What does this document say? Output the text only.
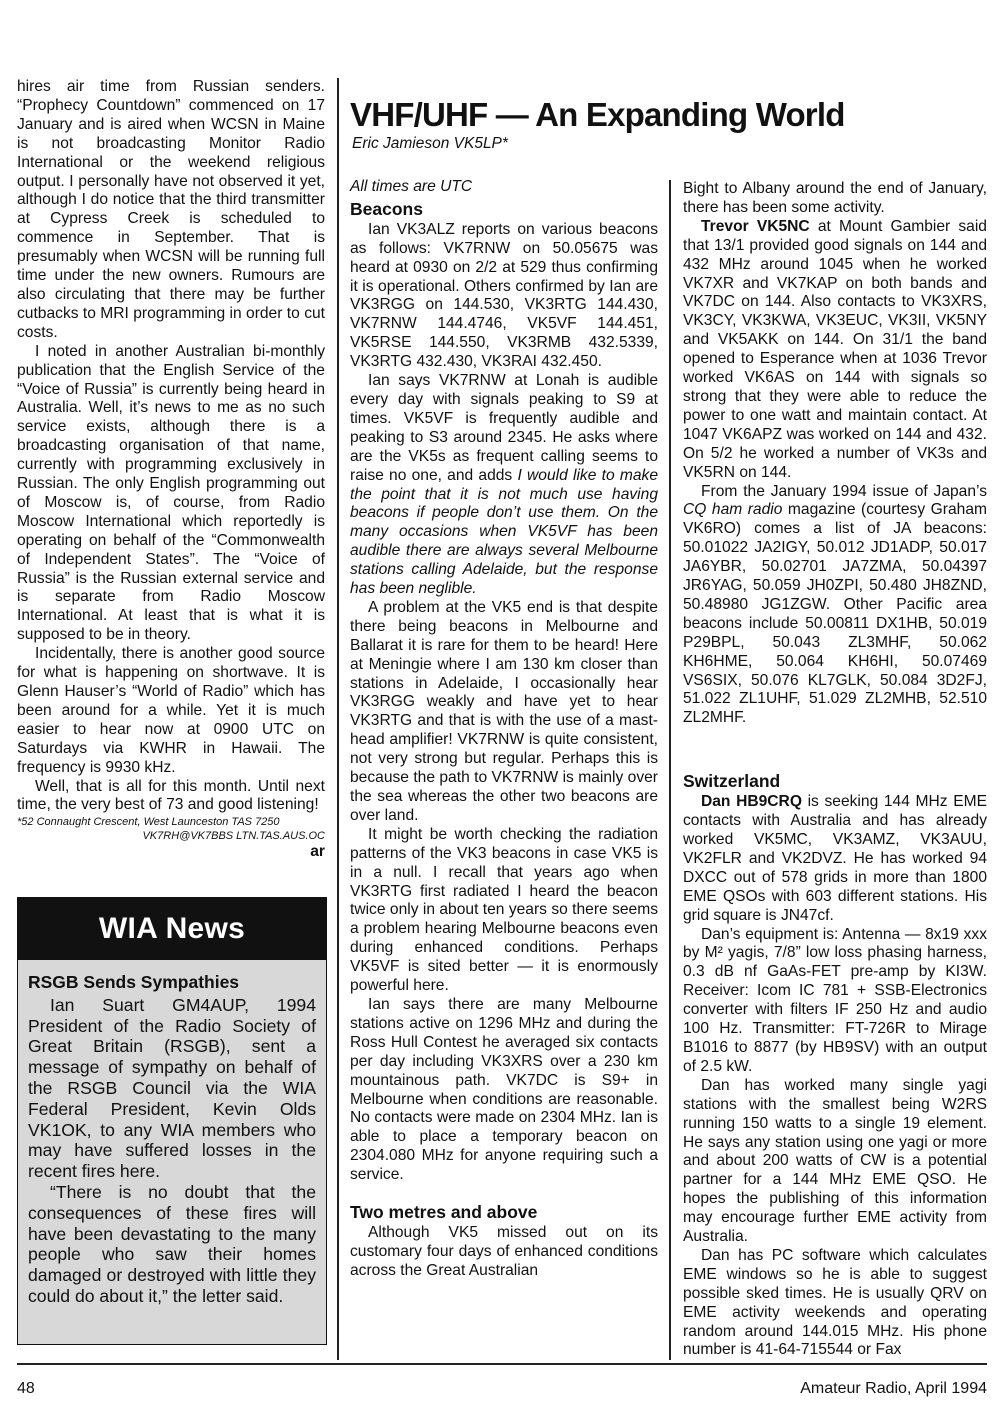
hires air time from Russian senders. “Prophecy Countdown” commenced on 17 January and is aired when WCSN in Maine is not broadcasting Monitor Radio International or the weekend religious output. I personally have not observed it yet, although I do notice that the third transmitter at Cypress Creek is scheduled to commence in September. That is presumably when WCSN will be running full time under the new owners. Rumours are also circulating that there may be further cutbacks to MRI programming in order to cut costs.

I noted in another Australian bi-monthly publication that the English Service of the “Voice of Russia” is currently being heard in Australia. Well, it’s news to me as no such service exists, although there is a broadcasting organisation of that name, currently with programming exclusively in Russian. The only English programming out of Moscow is, of course, from Radio Moscow International which reportedly is operating on behalf of the “Commonwealth of Independent States”. The “Voice of Russia” is the Russian external service and is separate from Radio Moscow International. At least that is what it is supposed to be in theory.

Incidentally, there is another good source for what is happening on shortwave. It is Glenn Hauser’s “World of Radio” which has been around for a while. Yet it is much easier to hear now at 0900 UTC on Saturdays via KWHR in Hawaii. The frequency is 9930 kHz.

Well, that is all for this month. Until next time, the very best of 73 and good listening!

*52 Connaught Crescent, West Launceston TAS 7250

VK7RH@VK7BBS LTN.TAS.AUS.OC

ar

WIA News
RSGB Sends Sympathies

Ian Suart GM4AUP, 1994 President of the Radio Society of Great Britain (RSGB), sent a message of sympathy on behalf of the RSGB Council via the WIA Federal President, Kevin Olds VK1OK, to any WIA members who may have suffered losses in the recent fires here.

“There is no doubt that the consequences of these fires will have been devastating to the many people who saw their homes damaged or destroyed with little they could do about it,” the letter said.

VHF/UHF — An Expanding World

Eric Jamieson VK5LP*

All times are UTC

Beacons

Ian VK3ALZ reports on various beacons as follows: VK7RNW on 50.05675 was heard at 0930 on 2/2 at 529 thus confirming it is operational. Others confirmed by Ian are VK3RGG on 144.530, VK3RTG 144.430, VK7RNW 144.4746, VK5VF 144.451, VK5RSE 144.550, VK3RMB 432.5339, VK3RTG 432.430, VK3RAI 432.450.

Ian says VK7RNW at Lonah is audible every day with signals peaking to S9 at times. VK5VF is frequently audible and peaking to S3 around 2345. He asks where are the VK5s as frequent calling seems to raise no one, and adds I would like to make the point that it is not much use having beacons if people don’t use them. On the many occasions when VK5VF has been audible there are always several Melbourne stations calling Adelaide, but the response has been neglible.

A problem at the VK5 end is that despite there being beacons in Melbourne and Ballarat it is rare for them to be heard! Here at Meningie where I am 130 km closer than stations in Adelaide, I occasionally hear VK3RGG weakly and have yet to hear VK3RTG and that is with the use of a mast-head amplifier! VK7RNW is quite consistent, not very strong but regular. Perhaps this is because the path to VK7RNW is mainly over the sea whereas the other two beacons are over land.

It might be worth checking the radiation patterns of the VK3 beacons in case VK5 is in a null. I recall that years ago when VK3RTG first radiated I heard the beacon twice only in about ten years so there seems a problem hearing Melbourne beacons even during enhanced conditions. Perhaps VK5VF is sited better — it is enormously powerful here.

Ian says there are many Melbourne stations active on 1296 MHz and during the Ross Hull Contest he averaged six contacts per day including VK3XRS over a 230 km mountainous path. VK7DC is S9+ in Melbourne when conditions are reasonable. No contacts were made on 2304 MHz. Ian is able to place a temporary beacon on 2304.080 MHz for anyone requiring such a service.

Two metres and above

Although VK5 missed out on its customary four days of enhanced conditions across the Great Australian

Bight to Albany around the end of January, there has been some activity.

Trevor VK5NC at Mount Gambier said that 13/1 provided good signals on 144 and 432 MHz around 1045 when he worked VK7XR and VK7KAP on both bands and VK7DC on 144. Also contacts to VK3XRS, VK3CY, VK3KWA, VK3EUC, VK3II, VK5NY and VK5AKK on 144. On 31/1 the band opened to Esperance when at 1036 Trevor worked VK6AS on 144 with signals so strong that they were able to reduce the power to one watt and maintain contact. At 1047 VK6APZ was worked on 144 and 432. On 5/2 he worked a number of VK3s and VK5RN on 144.

From the January 1994 issue of Japan’s CQ ham radio magazine (courtesy Graham VK6RO) comes a list of JA beacons: 50.01022 JA2IGY, 50.012 JD1ADP, 50.017 JA6YBR, 50.02701 JA7ZMA, 50.04397 JR6YAG, 50.059 JH0ZPI, 50.480 JH8ZND, 50.48980 JG1ZGW. Other Pacific area beacons include 50.00811 DX1HB, 50.019 P29BPL, 50.043 ZL3MHF, 50.062 KH6HME, 50.064 KH6HI, 50.07469 VS6SIX, 50.076 KL7GLK, 50.084 3D2FJ, 51.022 ZL1UHF, 51.029 ZL2MHB, 52.510 ZL2MHF.

Switzerland

Dan HB9CRQ is seeking 144 MHz EME contacts with Australia and has already worked VK5MC, VK3AMZ, VK3AUU, VK2FLR and VK2DVZ. He has worked 94 DXCC out of 578 grids in more than 1800 EME QSOs with 603 different stations. His grid square is JN47cf.

Dan’s equipment is: Antenna — 8x19 xxx by M² yagis, 7/8” low loss phasing harness, 0.3 dB nf GaAs-FET pre-amp by KI3W. Receiver: Icom IC 781 + SSB-Electronics converter with filters IF 250 Hz and audio 100 Hz. Transmitter: FT-726R to Mirage B1016 to 8877 (by HB9SV) with an output of 2.5 kW.

Dan has worked many single yagi stations with the smallest being W2RS running 150 watts to a single 19 element. He says any station using one yagi or more and about 200 watts of CW is a potential partner for a 144 MHz EME QSO. He hopes the publishing of this information may encourage further EME activity from Australia.

Dan has PC software which calculates EME windows so he is able to suggest possible sked times. He is usually QRV on EME activity weekends and operating random around 144.015 MHz. His phone number is 41-64-715544 or Fax

48	Amateur Radio, April 1994
